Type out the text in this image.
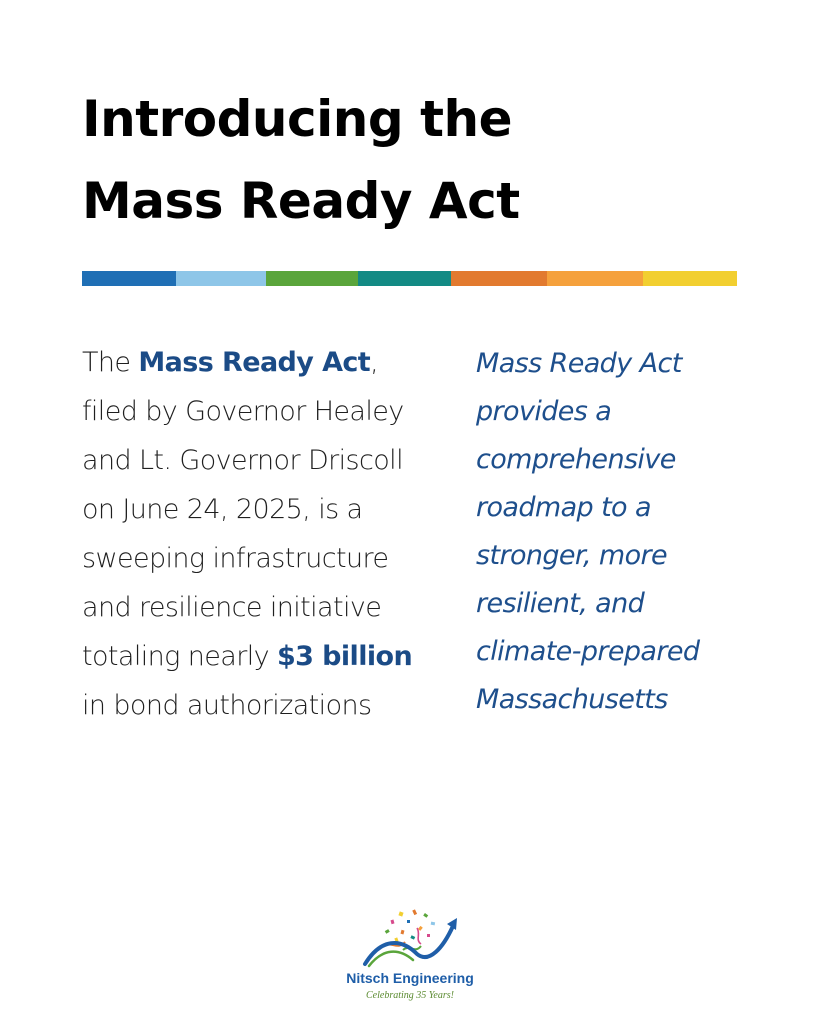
Introducing the
Mass Ready Act
The Mass Ready Act,
filed by Governor Healey
and Lt. Governor Driscoll
on June 24, 2025, is a
sweeping infrastructure
and resilience initiative
totaling nearly $3 billion
in bond authorizations
Mass Ready Act
provides a
comprehensive
roadmap to a
stronger, more
resilient, and
climate-prepared
Massachusetts
Nitsch Engineering
Celebrating 35 Years!
